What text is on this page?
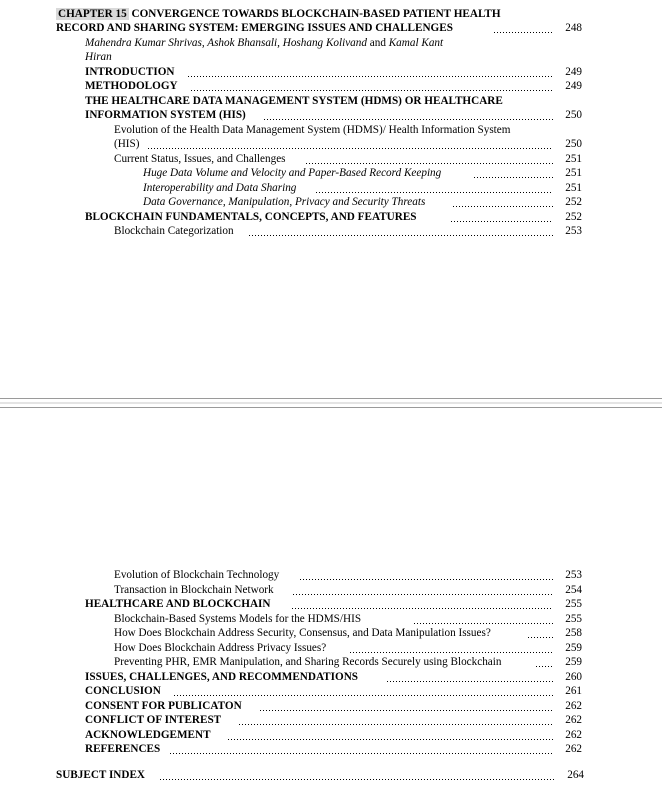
CHAPTER 15 CONVERGENCE TOWARDS BLOCKCHAIN-BASED PATIENT HEALTH
RECORD AND SHARING SYSTEM: EMERGING ISSUES AND CHALLENGES	248
Mahendra Kumar Shrivas, Ashok Bhansali, Hoshang Kolivand and Kamal Kant
Hiran
INTRODUCTION	249
METHODOLOGY	249
THE HEALTHCARE DATA MANAGEMENT SYSTEM (HDMS) OR HEALTHCARE
INFORMATION SYSTEM (HIS)	250
Evolution of the Health Data Management System (HDMS)/ Health Information System
(HIS)	250
Current Status, Issues, and Challenges	251
Huge Data Volume and Velocity and Paper-Based Record Keeping	251
Interoperability and Data Sharing	251
Data Governance, Manipulation, Privacy and Security Threats	252
BLOCKCHAIN FUNDAMENTALS, CONCEPTS, AND FEATURES	252
Blockchain Categorization	253
Evolution of Blockchain Technology	253
Transaction in Blockchain Network	254
HEALTHCARE AND BLOCKCHAIN	255
Blockchain-Based Systems Models for the HDMS/HIS	255
How Does Blockchain Address Security, Consensus, and Data Manipulation Issues?	258
How Does Blockchain Address Privacy Issues?	259
Preventing PHR, EMR Manipulation, and Sharing Records Securely using Blockchain	259
ISSUES, CHALLENGES, AND RECOMMENDATIONS	260
CONCLUSION	261
CONSENT FOR PUBLICATON	262
CONFLICT OF INTEREST	262
ACKNOWLEDGEMENT	262
REFERENCES	262
SUBJECT INDEX	264
